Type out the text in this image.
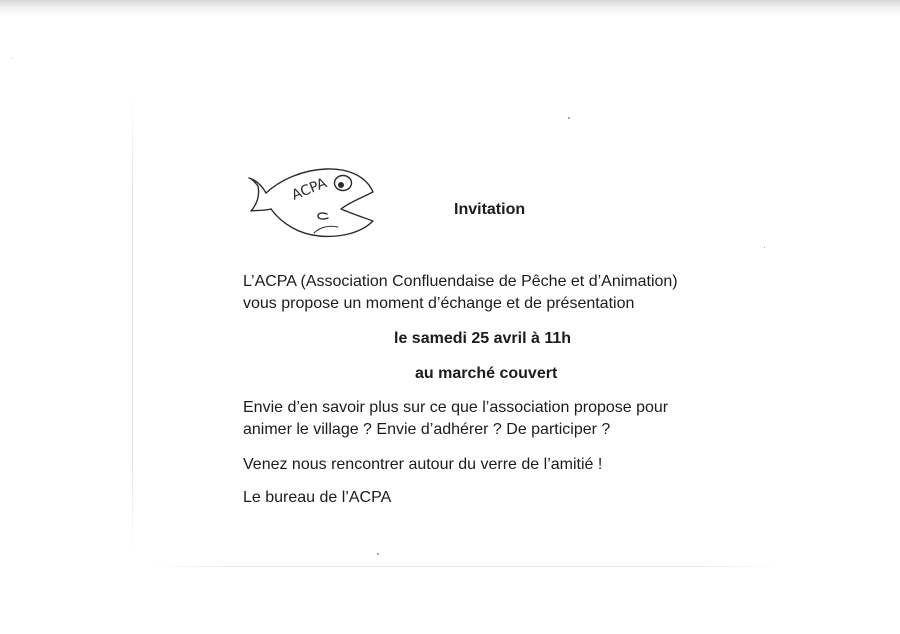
ACPA
Invitation
L’ACPA (Association Confluendaise de Pêche et d’Animation)
vous propose un moment d’échange et de présentation
le samedi 25 avril à 11h
au marché couvert
Envie d’en savoir plus sur ce que l’association propose pour
animer le village ? Envie d’adhérer ? De participer ?
Venez nous rencontrer autour du verre de l’amitié !
Le bureau de l’ACPA
